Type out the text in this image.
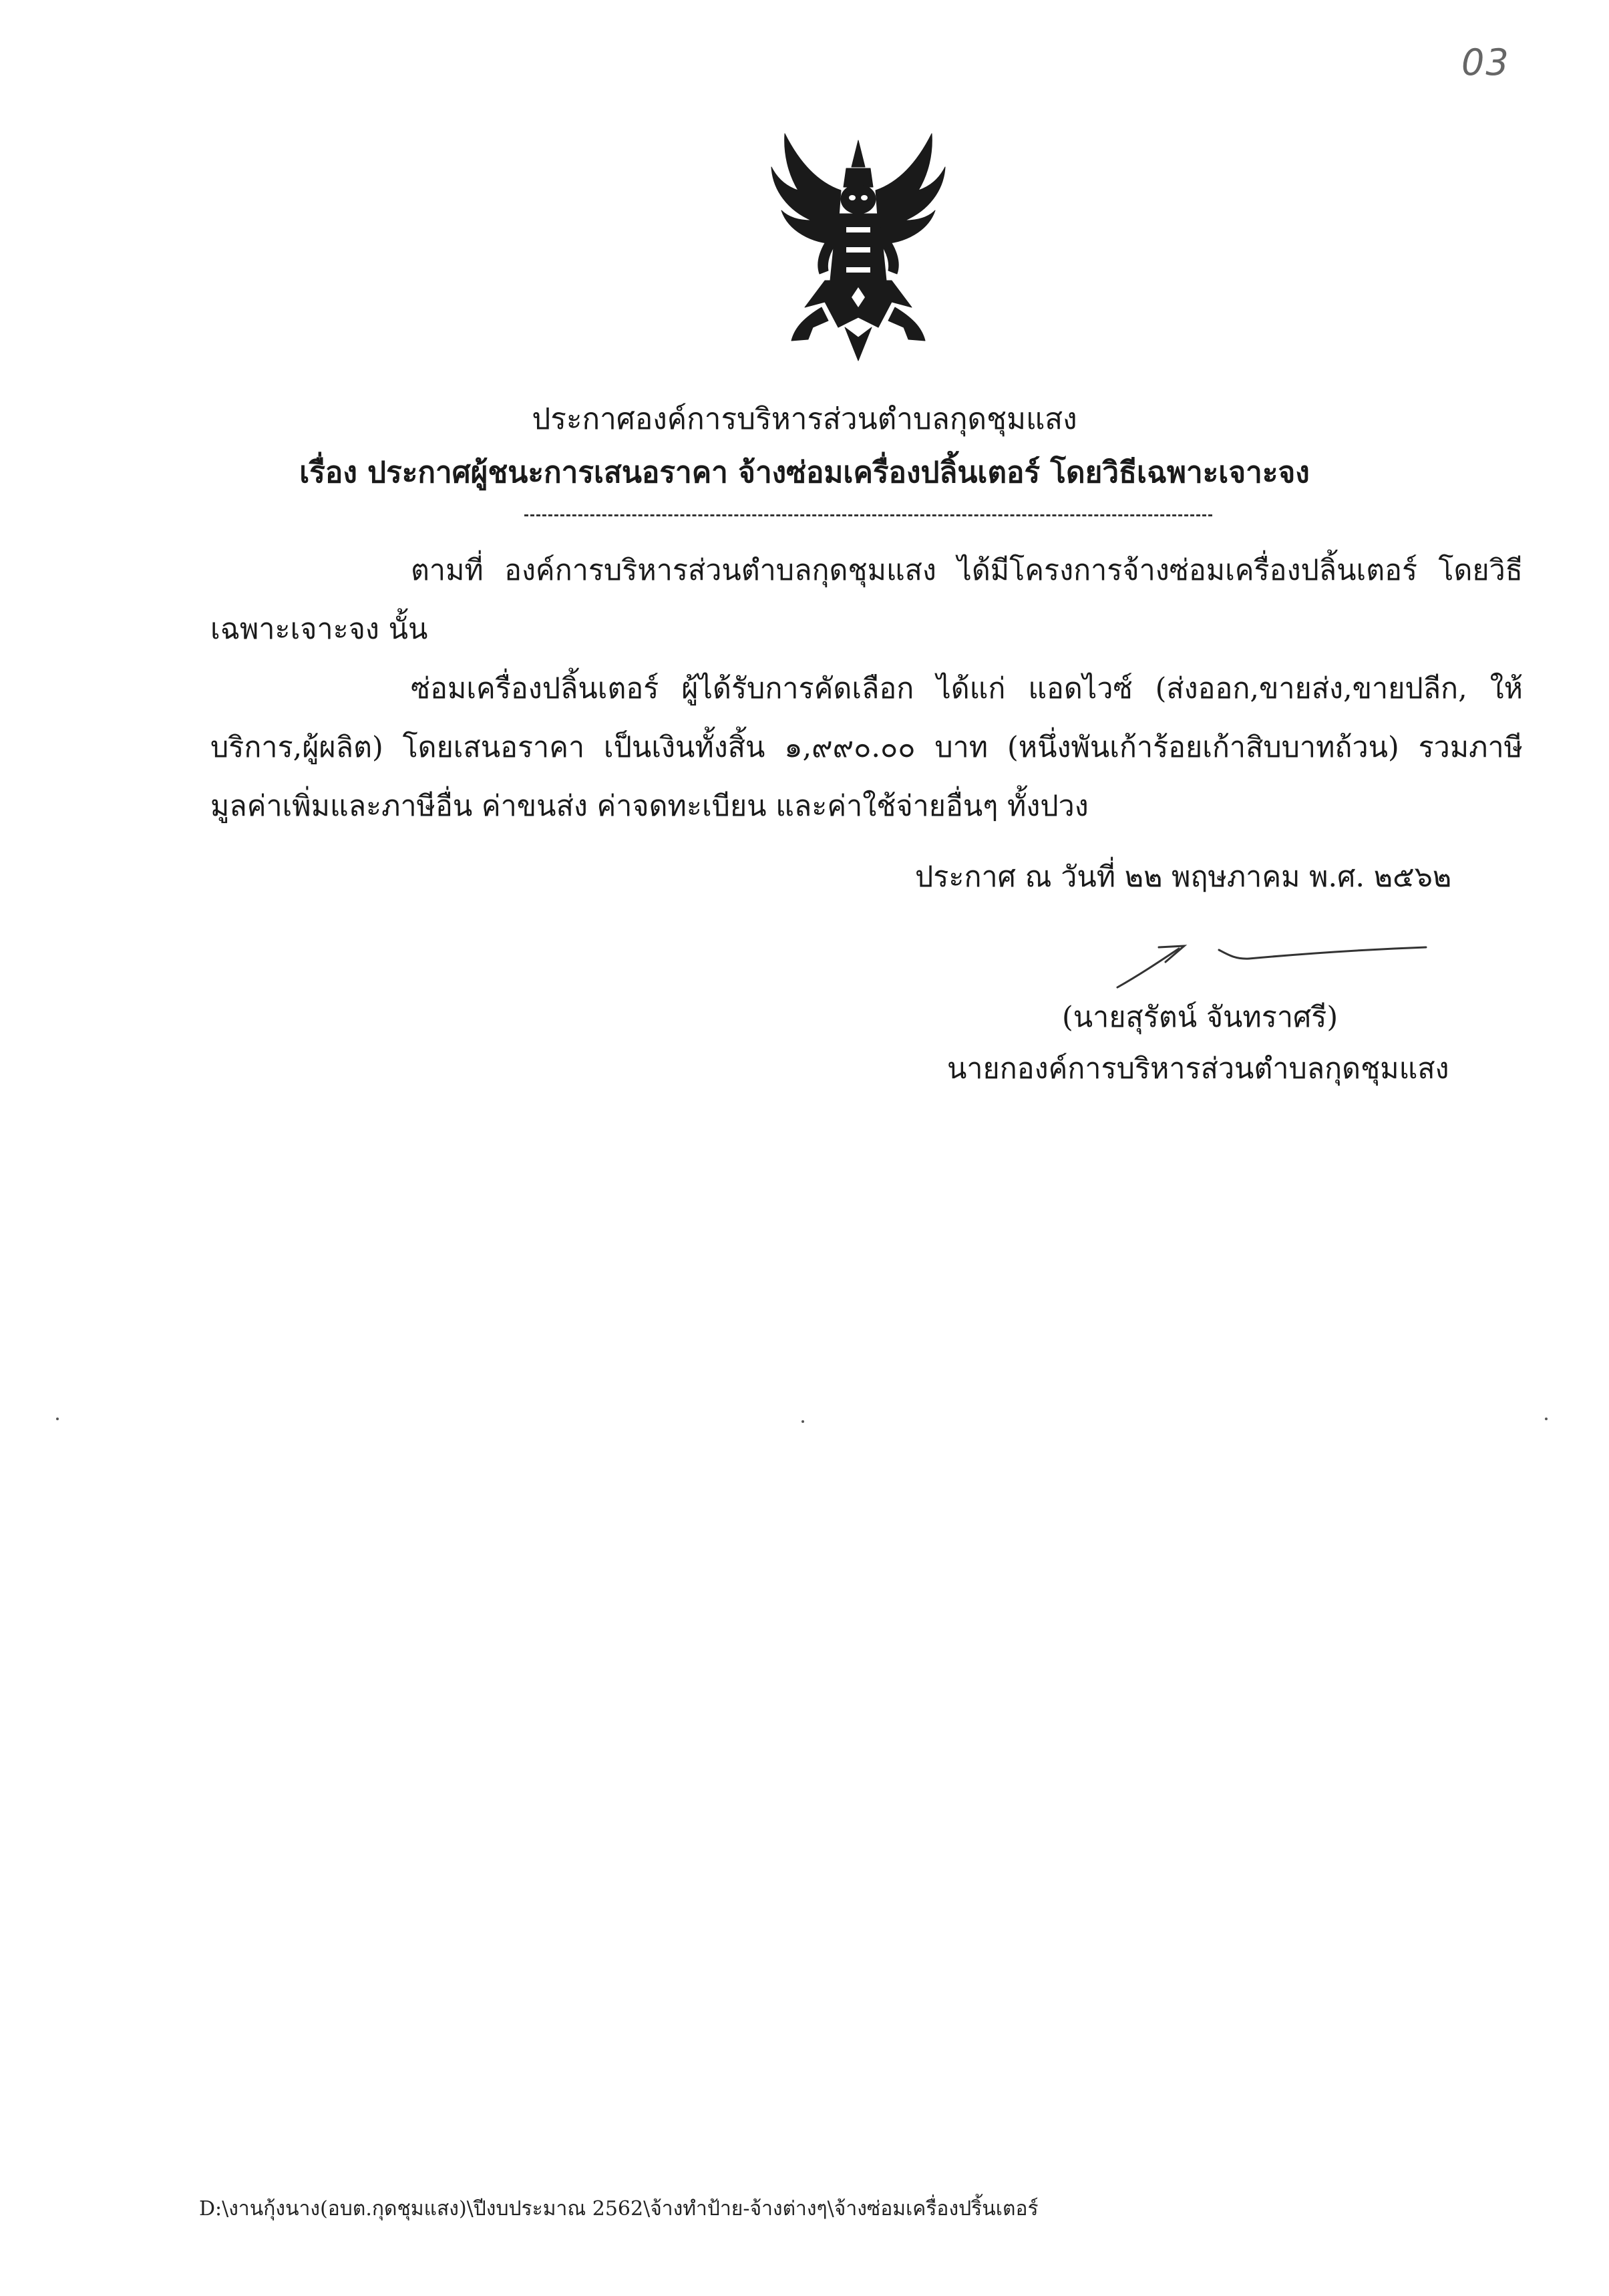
03
ประกาศองค์การบริหารส่วนตำบลกุดชุมแสง
เรื่อง ประกาศผู้ชนะการเสนอราคา จ้างซ่อมเครื่องปลิ้นเตอร์ โดยวิธีเฉพาะเจาะจง
ตามที่ องค์การบริหารส่วนตำบลกุดชุมแสง ได้มีโครงการจ้างซ่อมเครื่องปลิ้นเตอร์ โดยวิธีเฉพาะเจาะจง นั้น
ซ่อมเครื่องปลิ้นเตอร์ ผู้ได้รับการคัดเลือก ได้แก่ แอดไวซ์ (ส่งออก,ขายส่ง,ขายปลีก, ให้บริการ,ผู้ผลิต) โดยเสนอราคา เป็นเงินทั้งสิ้น ๑,๙๙๐.๐๐ บาท (หนึ่งพันเก้าร้อยเก้าสิบบาทถ้วน) รวมภาษีมูลค่าเพิ่มและภาษีอื่น ค่าขนส่ง ค่าจดทะเบียน และค่าใช้จ่ายอื่นๆ ทั้งปวง
ประกาศ ณ วันที่ ๒๒ พฤษภาคม พ.ศ. ๒๕๖๒
(นายสุรัตน์ จันทราศรี)
นายกองค์การบริหารส่วนตำบลกุดชุมแสง
D:\งานกุ้งนาง(อบต.กุดชุมแสง)\ปีงบประมาณ 2562\จ้างทำป้าย-จ้างต่างๆ\จ้างซ่อมเครื่องปริ้นเตอร์
